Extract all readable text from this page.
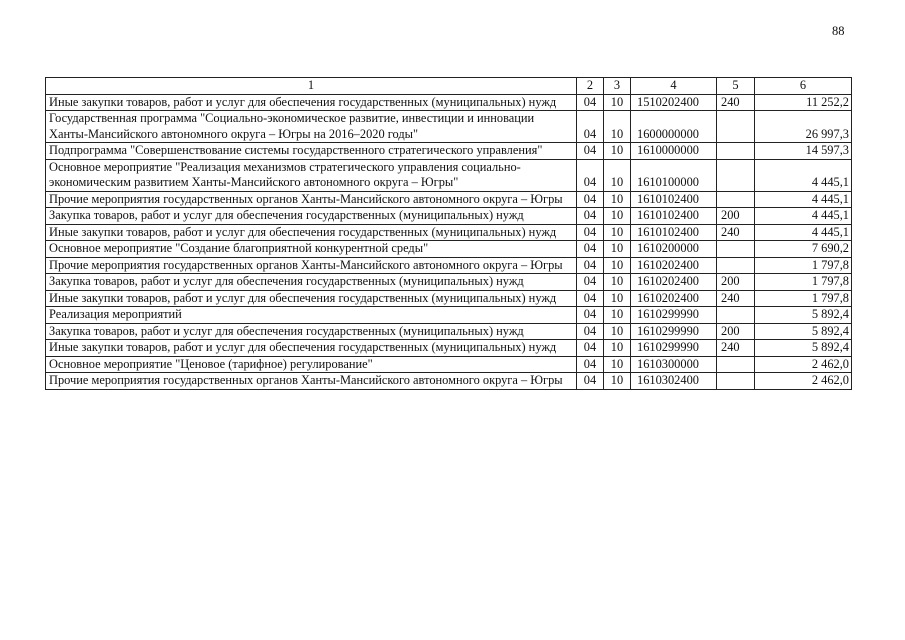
88
1	2	3	4	5	6
Иные закупки товаров, работ и услуг для обеспечения государственных (муниципальных) нужд	04	10	1510202400	240	11 252,2
Государственная программа "Социально-экономическое развитие, инвестиции и инновации Ханты-Мансийского автономного округа – Югры на 2016–2020 годы"	04	10	1600000000		26 997,3
Подпрограмма "Совершенствование системы государственного стратегического управления"	04	10	1610000000		14 597,3
Основное мероприятие "Реализация механизмов стратегического управления социально-экономическим развитием Ханты-Мансийского автономного округа – Югры"	04	10	1610100000		4 445,1
Прочие мероприятия государственных органов Ханты-Мансийского автономного округа – Югры	04	10	1610102400		4 445,1
Закупка товаров, работ и услуг для обеспечения государственных (муниципальных) нужд	04	10	1610102400	200	4 445,1
Иные закупки товаров, работ и услуг для обеспечения государственных (муниципальных) нужд	04	10	1610102400	240	4 445,1
Основное мероприятие "Создание благоприятной конкурентной среды"	04	10	1610200000		7 690,2
Прочие мероприятия государственных органов Ханты-Мансийского автономного округа – Югры	04	10	1610202400		1 797,8
Закупка товаров, работ и услуг для обеспечения государственных (муниципальных) нужд	04	10	1610202400	200	1 797,8
Иные закупки товаров, работ и услуг для обеспечения государственных (муниципальных) нужд	04	10	1610202400	240	1 797,8
Реализация мероприятий	04	10	1610299990		5 892,4
Закупка товаров, работ и услуг для обеспечения государственных (муниципальных) нужд	04	10	1610299990	200	5 892,4
Иные закупки товаров, работ и услуг для обеспечения государственных (муниципальных) нужд	04	10	1610299990	240	5 892,4
Основное мероприятие "Ценовое (тарифное) регулирование"	04	10	1610300000		2 462,0
Прочие мероприятия государственных органов Ханты-Мансийского автономного округа – Югры	04	10	1610302400		2 462,0
